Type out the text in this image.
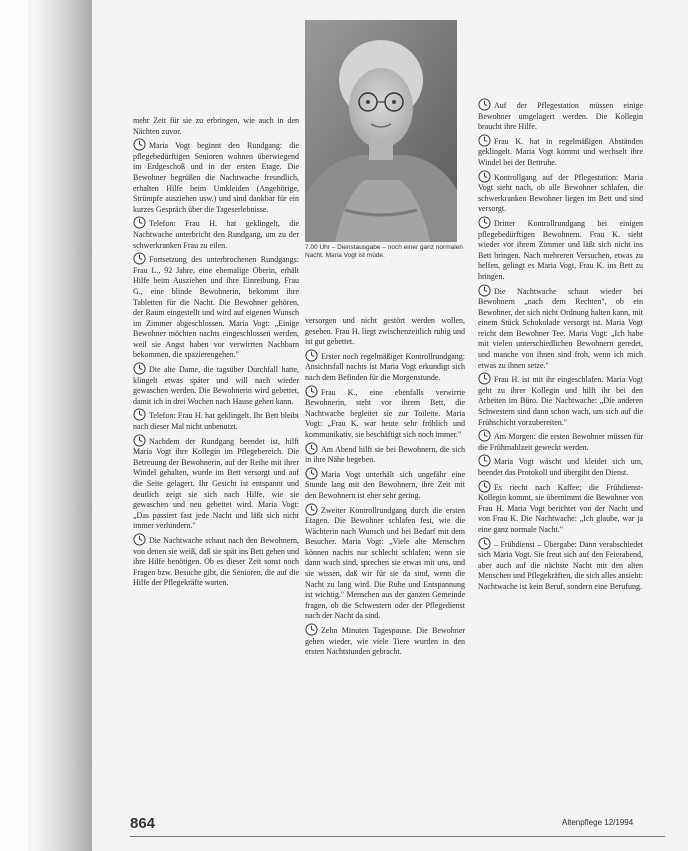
mehr Zeit für sie zu erbringen, wie auch in den Nächten zuvor.

Maria Vogt beginnt den Rundgang: die pflegebedürftigen Senioren wohnen überwiegend im Erdgeschoß und in der ersten Etage. Die Bewohner begrüßen die Nachtwache freundlich, erhalten Hilfe beim Umkleiden (Angehörige, Strümpfe ausziehen usw.) und sind dankbar für ein kurzes Gespräch über die Tageserlebnisse.

Telefon: Frau H. hat geklingelt, die Nachtwache unterbricht den Rundgang, um zu der schwerkranken Frau zu eilen.

Fortsetzung des unterbrochenen Rundgangs: Frau L., 92 Jahre, eine ehemalige Oberin, erhält Hilfe beim Ausziehen und ihre Einreibung. Frau G., eine blinde Bewohnerin, bekommt ihre Tabletten für die Nacht. Die Bewohner gehören, der Raum eingestellt und wird auf eigenen Wunsch im Zimmer abgeschlossen. Maria Vogt: „Einige Bewohner möchten nachts eingeschlossen werden, weil sie Angst haben vor verwirrten Nachbarn bekommen, die spazierengehen."

Die alte Dame, die tagsüber Durchfall hatte, klingelt etwas später und will nach wieder gewaschen werden. Die Bewohnerin wird gebettet, damit ich in drei Wochen nach Hause gehen kann.

Telefon: Frau H. hat geklingelt. Ihr Bett bleibt nach dieser Mal nicht unbenutzt.

Nachdem der Rundgang beendet ist, hilft Maria Vogt ihre Kollegin im Pflegebereich. Die Betreuung der Bewohnerin, auf der Reihe mit ihrer Windel gehalten, wurde im Bett versorgt und auf die Seite gelagert. Ihr Gesicht ist entspannt und deutlich zeigt sie sich nach Hilfe, wie sie gewaschen und neu gebettet wird. Maria Vogt: „Das passiert fast jede Nacht und läßt sich nicht immer verhindern."

Die Nachtwache schaut nach den Bewohnern, von denen sie weiß, daß sie spät ins Bett gehen und ihre Hilfe benötigen. Ob es dieser Zeit sonst noch Fragen bzw. Besuche gibt, die Senioren, die auf die Hilfe der Pflegekräfte warten.

7.00 Uhr – Dienstausgabe – noch einer ganz normalen Nacht. Maria Vogt ist müde.

versorgen und nicht gestört werden wollen, gesehen. Frau H. liegt zwischenzeitlich ruhig und ist gut gebettet.

Erster noch regelmäßiger Kontrollrundgang: Ansichtsfall nachts ist Maria Vogt erkundigt sich nach dem Befinden für die Morgenstunde.

Frau K., eine ebenfalls verwirrte Bewohnerin, steht vor ihrem Bett, die Nachtwache begleitet sie zur Toilette. Maria Vogt: „Frau K. war heute sehr fröhlich und kommunikativ, sie beschäftigt sich noch immer."

Am Abend hilft sie bei Bewohnern, die sich in ihre Nähe begeben.

Maria Vogt unterhält sich ungefähr eine Stunde lang mit den Bewohnern, ihre Zeit mit den Bewohnern ist eher sehr gering.

Zweiter Kontrollrundgang durch die ersten Etagen. Die Bewohner schlafen fest, wie die Wächterin nach Wunsch und bei Bedarf mit dem Besucher. Maria Vogt: „Viele alte Menschen können nachts nur schlecht schlafen; wenn sie dann wach sind, sprechen sie etwas mit uns, und sie wissen, daß wir für sie da sind, wenn die Nacht zu lang wird. Die Ruhe und Entspannung ist wichtig." Menschen aus der ganzen Gemeinde fragen, ob die Schwestern oder der Pflegedienst nach der Nacht da sind.

Zehn Minuten Tagespause. Die Bewohner gehen wieder, wie viele Tiere wurden in den ersten Nachtstunden gebracht.

Auf der Pflegestation müssen einige Bewohner umgelagert werden. Die Kollegin braucht ihre Hilfe.

Frau K. hat in regelmäßigen Abständen geklingelt. Maria Vogt kommt und wechselt ihre Windel bei der Bettruhe.

Kontrollgang auf der Pflegestation: Maria Vogt sieht nach, ob alle Bewohner schlafen, die schwerkranken Bewohner liegen im Bett und sind versorgt.

Dritter Kontrollrundgang bei einigen pflegebedürftigen Bewohnern. Frau K. sieht wieder vor ihrem Zimmer und läßt sich nicht ins Bett bringen. Nach mehreren Versuchen, etwas zu helfen, gelingt es Maria Vogt, Frau K. ins Bett zu bringen.

Die Nachtwache schaut wieder bei Bewohnern „nach dem Rechten", ob ein Bewohner, der sich nicht Ordnung halten kann, mit einem Stück Schokolade versorgt ist. Maria Vogt reicht dem Bewohner Tee. Maria Vogt: „Ich habe mit vielen unterschiedlichen Bewohnern geredet, und manche von ihnen sind froh, wenn ich mich etwas zu ihnen setze."

Frau H. ist mit ihr eingeschlafen. Maria Vogt geht zu ihrer Kollegin und hilft ihr bei den Arbeiten im Büro. Die Nachtwache: „Die anderen Schwestern sind dann schon wach, um sich auf die Frühschicht vorzubereiten."

Am Morgen: die ersten Bewohner müssen für die Frühmahlzeit geweckt werden.

Maria Vogt wäscht und kleidet sich um, beendet das Protokoll und übergibt den Dienst.

Es riecht nach Kaffee; die Frühdienst-Kollegin kommt, sie übernimmt die Bewohner von Frau H. Maria Vogt berichtet von der Nacht und von Frau K. Die Nachtwache: „Ich glaube, war ja eine ganz normale Nacht."

– Frühdienst – Übergabe: Dann verabschiedet sich Maria Vogt. Sie freut sich auf den Feierabend, aber auch auf die nächste Nacht mit den alten Menschen und Pflegekräften, die sich alles ansieht: Nachtwache ist kein Beruf, sondern eine Berufung.

864	Altenpflege 12/1994
